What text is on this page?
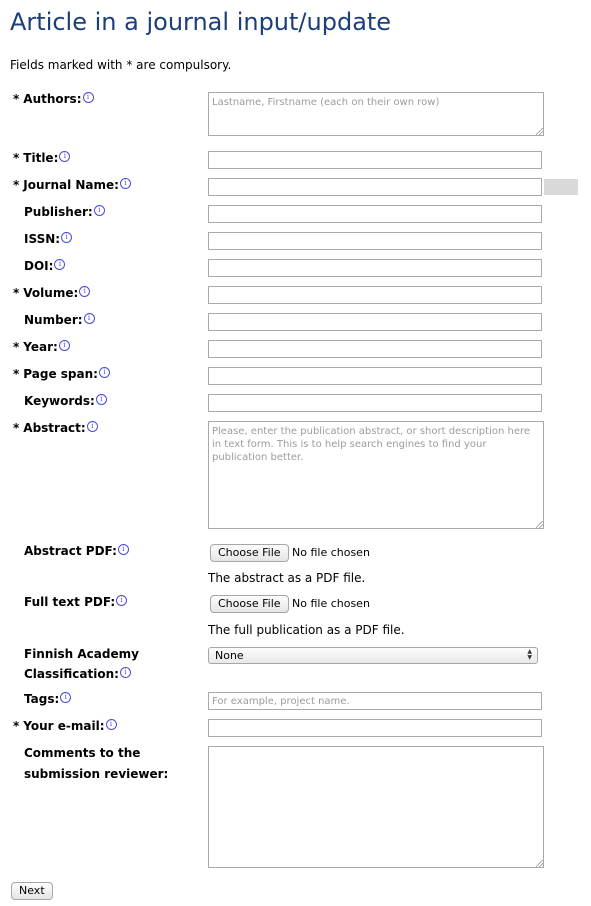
Article in a journal input/update
Fields marked with * are compulsory.
* Authors: i
Lastname, Firstname (each on their own row)
* Title: i
* Journal Name: i
Publisher: i
ISSN: i
DOI: i
* Volume: i
Number: i
* Year: i
* Page span: i
Keywords: i
* Abstract: i
Please, enter the publication abstract, or short description here in text form. This is to help search engines to find your publication better.
Abstract PDF: i	Choose File	No file chosen
The abstract as a PDF file.
Full text PDF: i	Choose File	No file chosen
The full publication as a PDF file.
Finnish Academy
Classification: i
None	▲
▼
Tags: i
For example, project name.
* Your e-mail: i
Comments to the
submission reviewer:
Next
